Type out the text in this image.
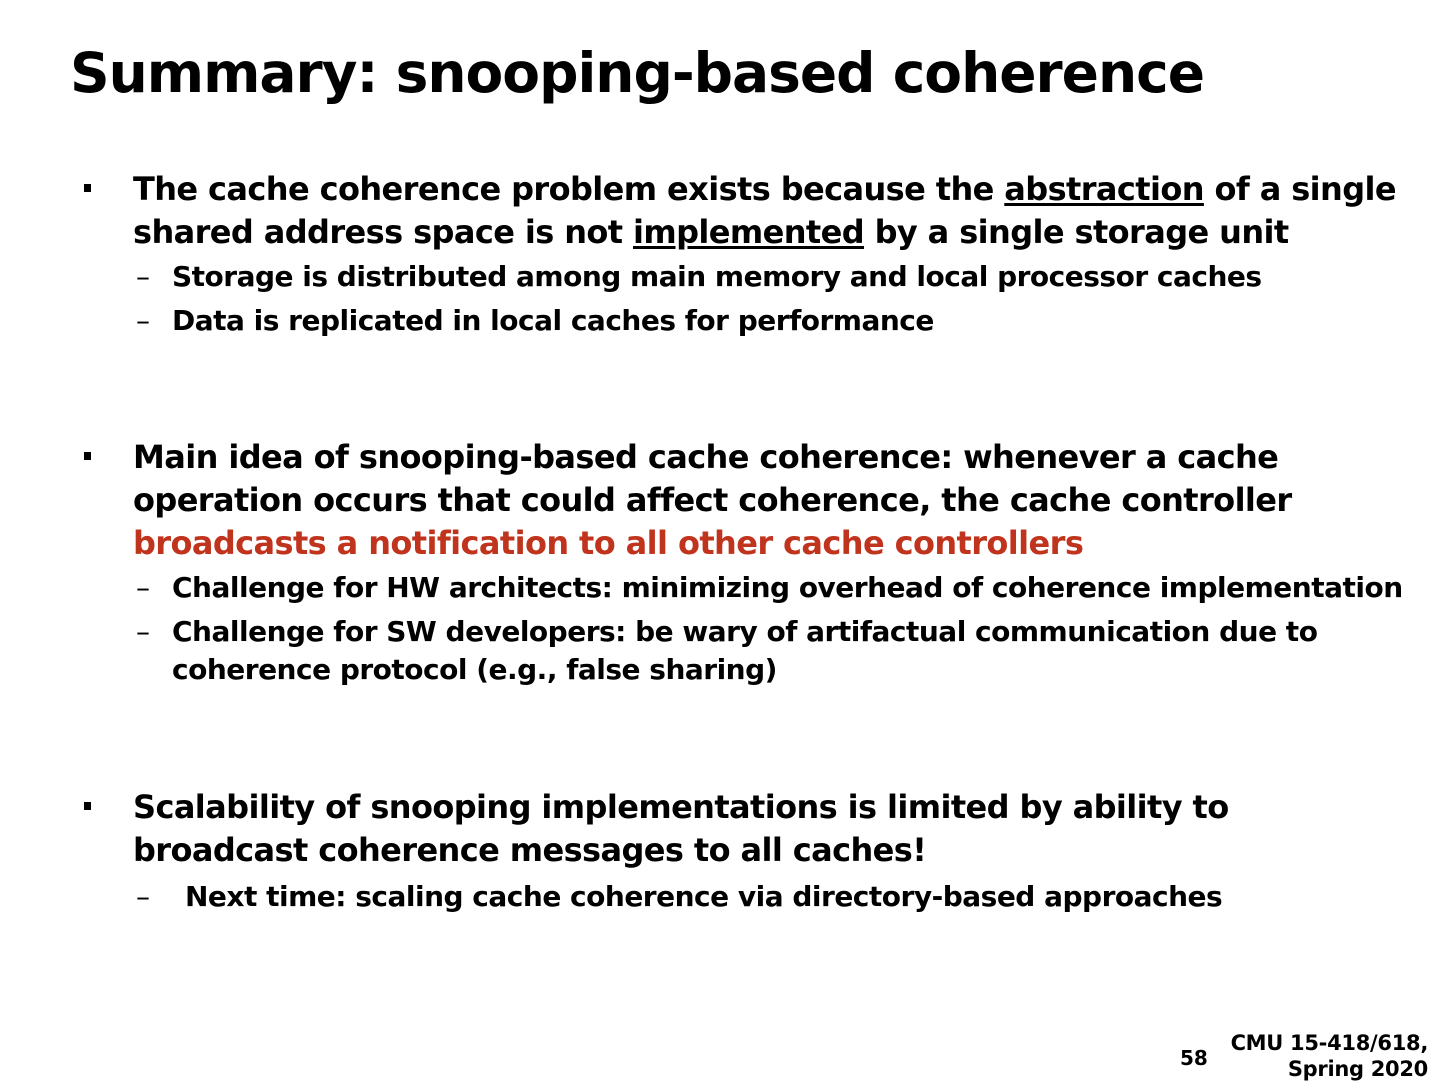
Summary: snooping-based coherence
The cache coherence problem exists because the abstraction of a single shared address space is not implemented by a single storage unit
– Storage is distributed among main memory and local processor caches
– Data is replicated in local caches for performance
Main idea of snooping-based cache coherence: whenever a cache operation occurs that could affect coherence, the cache controller broadcasts a notification to all other cache controllers
– Challenge for HW architects: minimizing overhead of coherence implementation
– Challenge for SW developers: be wary of artifactual communication due to coherence protocol (e.g., false sharing)
Scalability of snooping implementations is limited by ability to broadcast coherence messages to all caches!
– Next time: scaling cache coherence via directory-based approaches
58
CMU 15-418/618,
Spring 2020
